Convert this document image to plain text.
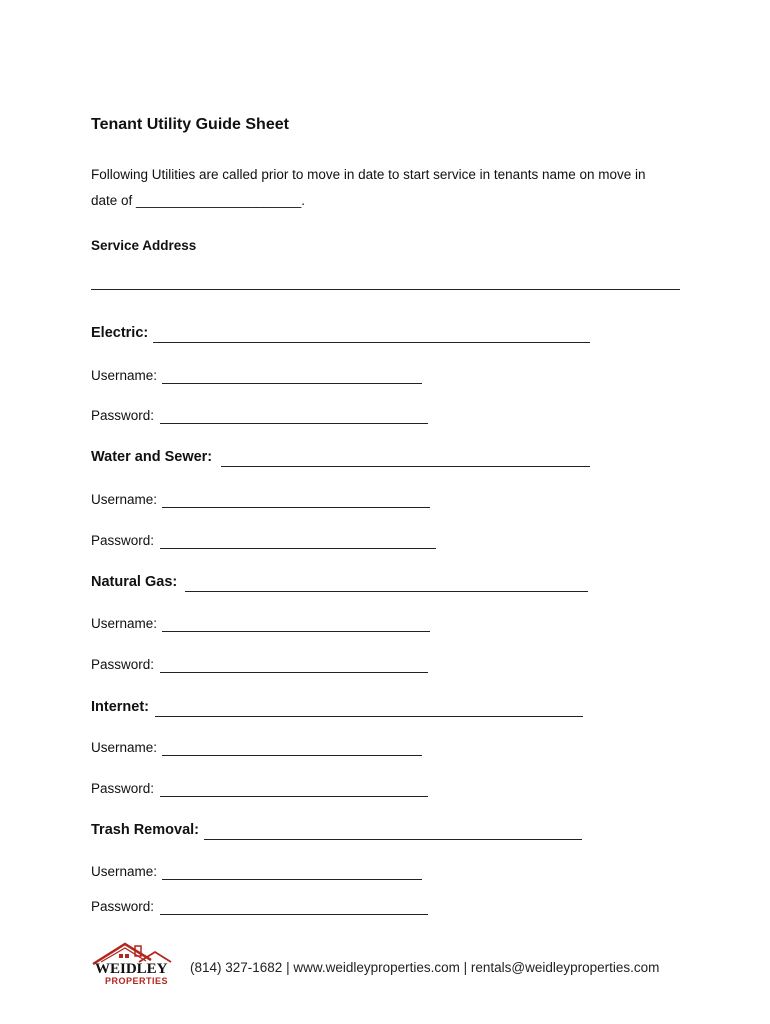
Tenant Utility Guide Sheet
Following Utilities are called prior to move in date to start service in tenants name on move in
date of ______________________.
Service Address
Electric:
Username:
Password:
Water and Sewer:
Username:
Password:
Natural Gas:
Username:
Password:
Internet:
Username:
Password:
Trash Removal:
Username:
Password:
WEIDLEY
PROPERTIES
(814) 327-1682 | www.weidleyproperties.com | rentals@weidleyproperties.com
